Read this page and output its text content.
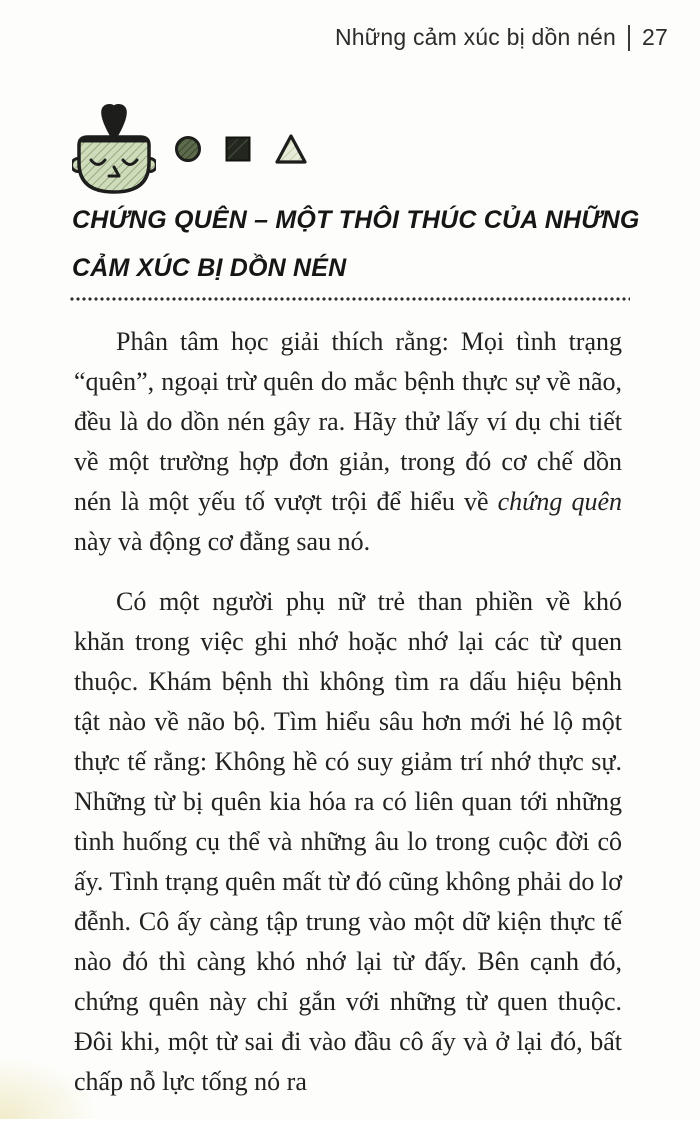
Những cảm xúc bị dồn nén 27
CHỨNG QUÊN – MỘT THÔI THÚC CỦA NHỮNG
CẢM XÚC BỊ DỒN NÉN

Phân tâm học giải thích rằng: Mọi tình trạng “quên”, ngoại trừ quên do mắc bệnh thực sự về não, đều là do dồn nén gây ra. Hãy thử lấy ví dụ chi tiết về một trường hợp đơn giản, trong đó cơ chế dồn nén là một yếu tố vượt trội để hiểu về chứng quên này và động cơ đằng sau nó.

Có một người phụ nữ trẻ than phiền về khó khăn trong việc ghi nhớ hoặc nhớ lại các từ quen thuộc. Khám bệnh thì không tìm ra dấu hiệu bệnh tật nào về não bộ. Tìm hiểu sâu hơn mới hé lộ một thực tế rằng: Không hề có suy giảm trí nhớ thực sự. Những từ bị quên kia hóa ra có liên quan tới những tình huống cụ thể và những âu lo trong cuộc đời cô ấy. Tình trạng quên mất từ đó cũng không phải do lơ đễnh. Cô ấy càng tập trung vào một dữ kiện thực tế nào đó thì càng khó nhớ lại từ đấy. Bên cạnh đó, chứng quên này chỉ gắn với những từ quen thuộc. Đôi khi, một từ sai đi vào đầu cô ấy và ở lại đó, bất chấp nỗ lực tống nó ra
